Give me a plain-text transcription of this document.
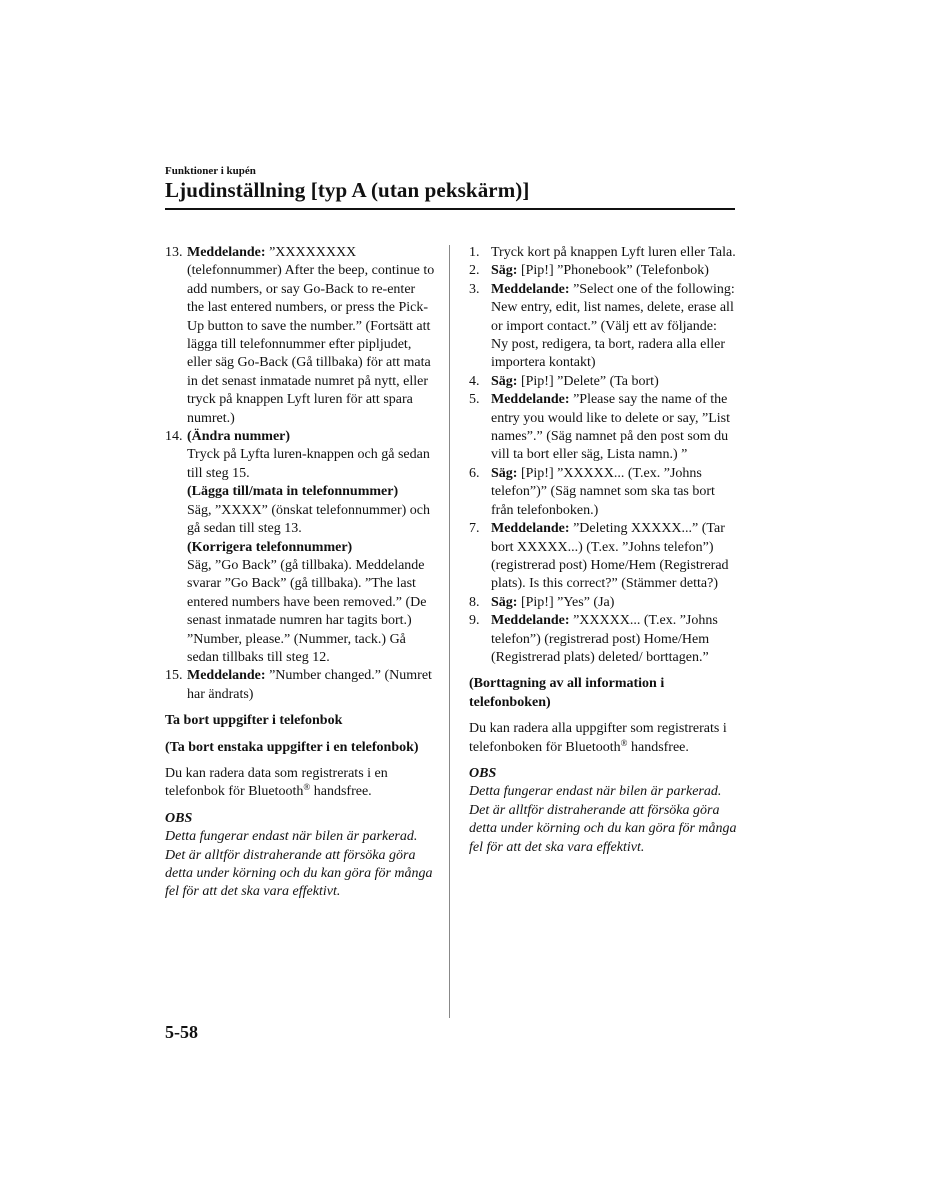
Funktioner i kupén
Ljudinställning [typ A (utan pekskärm)]
13. Meddelande: ”XXXXXXXX (telefonnummer) After the beep, continue to add numbers, or say Go-Back to re-enter the last entered numbers, or press the Pick-Up button to save the number.” (Fortsätt att lägga till telefonnummer efter pipljudet, eller säg Go-Back (Gå tillbaka) för att mata in det senast inmatade numret på nytt, eller tryck på knappen Lyft luren för att spara numret.)
14. (Ändra nummer)
Tryck på Lyfta luren-knappen och gå sedan till steg 15.
(Lägga till/mata in telefonnummer)
Säg, ”XXXX” (önskat telefonnummer) och gå sedan till steg 13.
(Korrigera telefonnummer)
Säg, ”Go Back” (gå tillbaka). Meddelande svarar ”Go Back” (gå tillbaka). ”The last entered numbers have been removed.” (De senast inmatade numren har tagits bort.) ”Number, please.” (Nummer, tack.) Gå sedan tillbaks till steg 12.
15. Meddelande: ”Number changed.” (Numret har ändrats)
Ta bort uppgifter i telefonbok
(Ta bort enstaka uppgifter i en telefonbok)
Du kan radera data som registrerats i en telefonbok för Bluetooth® handsfree.
OBS
Detta fungerar endast när bilen är parkerad. Det är alltför distraherande att försöka göra detta under körning och du kan göra för många fel för att det ska vara effektivt.
1. Tryck kort på knappen Lyft luren eller Tala.
2. Säg: [Pip!] ”Phonebook” (Telefonbok)
3. Meddelande: ”Select one of the following: New entry, edit, list names, delete, erase all or import contact.” (Välj ett av följande: Ny post, redigera, ta bort, radera alla eller importera kontakt)
4. Säg: [Pip!] ”Delete” (Ta bort)
5. Meddelande: ”Please say the name of the entry you would like to delete or say, ”List names”.” (Säg namnet på den post som du vill ta bort eller säg, Lista namn.) ”
6. Säg: [Pip!] ”XXXXX... (T.ex. ”Johns telefon”)” (Säg namnet som ska tas bort från telefonboken.)
7. Meddelande: ”Deleting XXXXX...” (Tar bort XXXXX...) (T.ex. ”Johns telefon”) (registrerad post) Home/Hem (Registrerad plats). Is this correct?” (Stämmer detta?)
8. Säg: [Pip!] ”Yes” (Ja)
9. Meddelande: ”XXXXX... (T.ex. ”Johns telefon”) (registrerad post) Home/Hem (Registrerad plats) deleted/ borttagen.”
(Borttagning av all information i telefonboken)
Du kan radera alla uppgifter som registrerats i telefonboken för Bluetooth® handsfree.
OBS
Detta fungerar endast när bilen är parkerad. Det är alltför distraherande att försöka göra detta under körning och du kan göra för många fel för att det ska vara effektivt.
5-58
